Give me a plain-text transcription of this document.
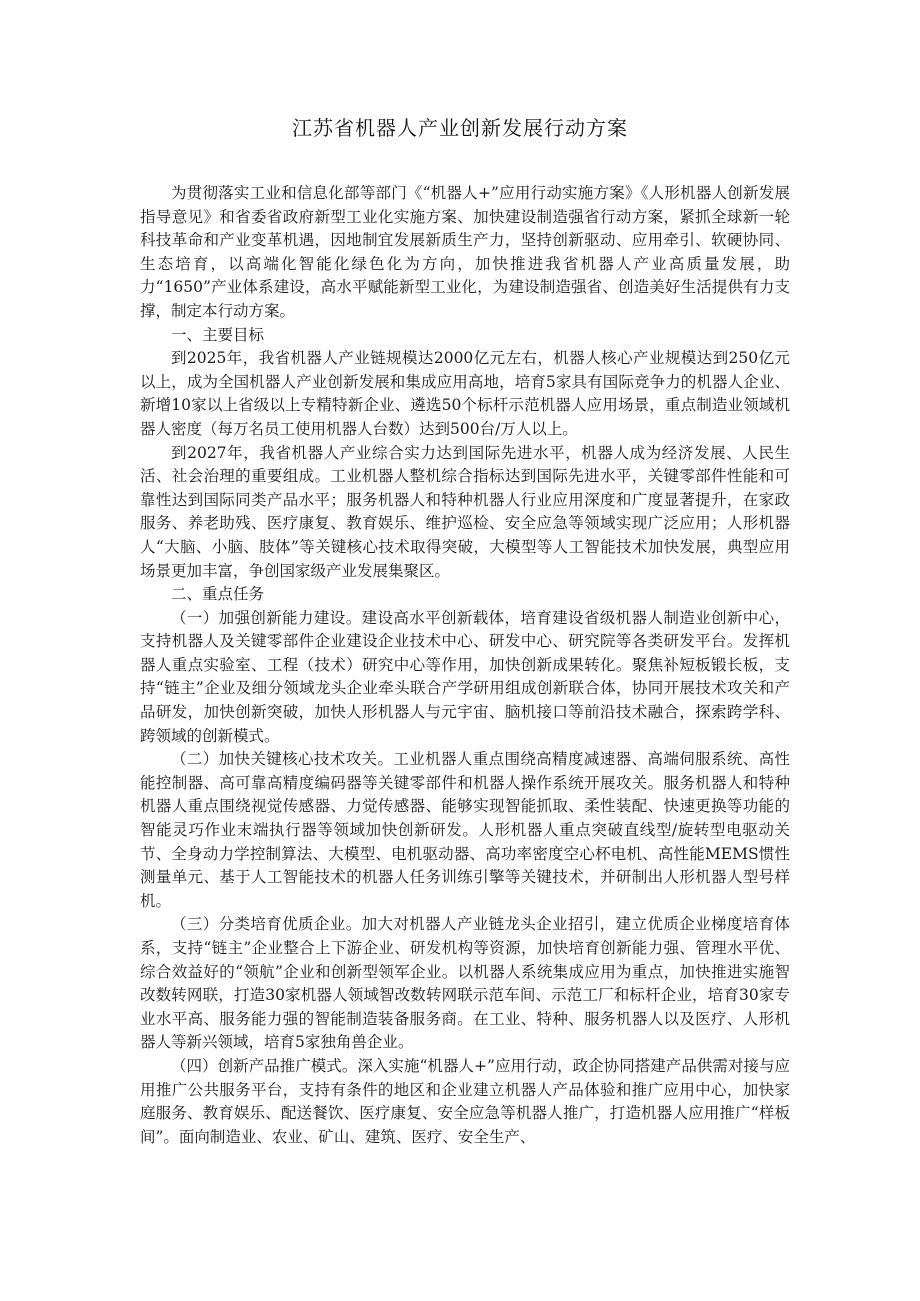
江苏省机器人产业创新发展行动方案

为贯彻落实工业和信息化部等部门《“机器人+”应用行动实施方案》《人形机器人创新发展指导意见》和省委省政府新型工业化实施方案、加快建设制造强省行动方案，紧抓全球新一轮科技革命和产业变革机遇，因地制宜发展新质生产力，坚持创新驱动、应用牵引、软硬协同、生态培育，以高端化智能化绿色化为方向，加快推进我省机器人产业高质量发展，助力“1650”产业体系建设，高水平赋能新型工业化，为建设制造强省、创造美好生活提供有力支撑，制定本行动方案。

一、主要目标

到2025年，我省机器人产业链规模达2000亿元左右，机器人核心产业规模达到250亿元以上，成为全国机器人产业创新发展和集成应用高地，培育5家具有国际竞争力的机器人企业、新增10家以上省级以上专精特新企业、遴选50个标杆示范机器人应用场景，重点制造业领域机器人密度（每万名员工使用机器人台数）达到500台/万人以上。

到2027年，我省机器人产业综合实力达到国际先进水平，机器人成为经济发展、人民生活、社会治理的重要组成。工业机器人整机综合指标达到国际先进水平，关键零部件性能和可靠性达到国际同类产品水平；服务机器人和特种机器人行业应用深度和广度显著提升，在家政服务、养老助残、医疗康复、教育娱乐、维护巡检、安全应急等领域实现广泛应用；人形机器人“大脑、小脑、肢体”等关键核心技术取得突破，大模型等人工智能技术加快发展，典型应用场景更加丰富，争创国家级产业发展集聚区。

二、重点任务

（一）加强创新能力建设。建设高水平创新载体，培育建设省级机器人制造业创新中心，支持机器人及关键零部件企业建设企业技术中心、研发中心、研究院等各类研发平台。发挥机器人重点实验室、工程（技术）研究中心等作用，加快创新成果转化。聚焦补短板锻长板，支持“链主”企业及细分领域龙头企业牵头联合产学研用组成创新联合体，协同开展技术攻关和产品研发，加快创新突破，加快人形机器人与元宇宙、脑机接口等前沿技术融合，探索跨学科、跨领域的创新模式。

（二）加快关键核心技术攻关。工业机器人重点围绕高精度减速器、高端伺服系统、高性能控制器、高可靠高精度编码器等关键零部件和机器人操作系统开展攻关。服务机器人和特种机器人重点围绕视觉传感器、力觉传感器、能够实现智能抓取、柔性装配、快速更换等功能的智能灵巧作业末端执行器等领域加快创新研发。人形机器人重点突破直线型/旋转型电驱动关节、全身动力学控制算法、大模型、电机驱动器、高功率密度空心杯电机、高性能MEMS惯性测量单元、基于人工智能技术的机器人任务训练引擎等关键技术，并研制出人形机器人型号样机。

（三）分类培育优质企业。加大对机器人产业链龙头企业招引，建立优质企业梯度培育体系，支持“链主”企业整合上下游企业、研发机构等资源，加快培育创新能力强、管理水平优、综合效益好的“领航”企业和创新型领军企业。以机器人系统集成应用为重点，加快推进实施智改数转网联，打造30家机器人领域智改数转网联示范车间、示范工厂和标杆企业，培育30家专业水平高、服务能力强的智能制造装备服务商。在工业、特种、服务机器人以及医疗、人形机器人等新兴领域，培育5家独角兽企业。

（四）创新产品推广模式。深入实施“机器人+”应用行动，政企协同搭建产品供需对接与应用推广公共服务平台，支持有条件的地区和企业建立机器人产品体验和推广应用中心，加快家庭服务、教育娱乐、配送餐饮、医疗康复、安全应急等机器人推广，打造机器人应用推广“样板间”。面向制造业、农业、矿山、建筑、医疗、安全生产、
